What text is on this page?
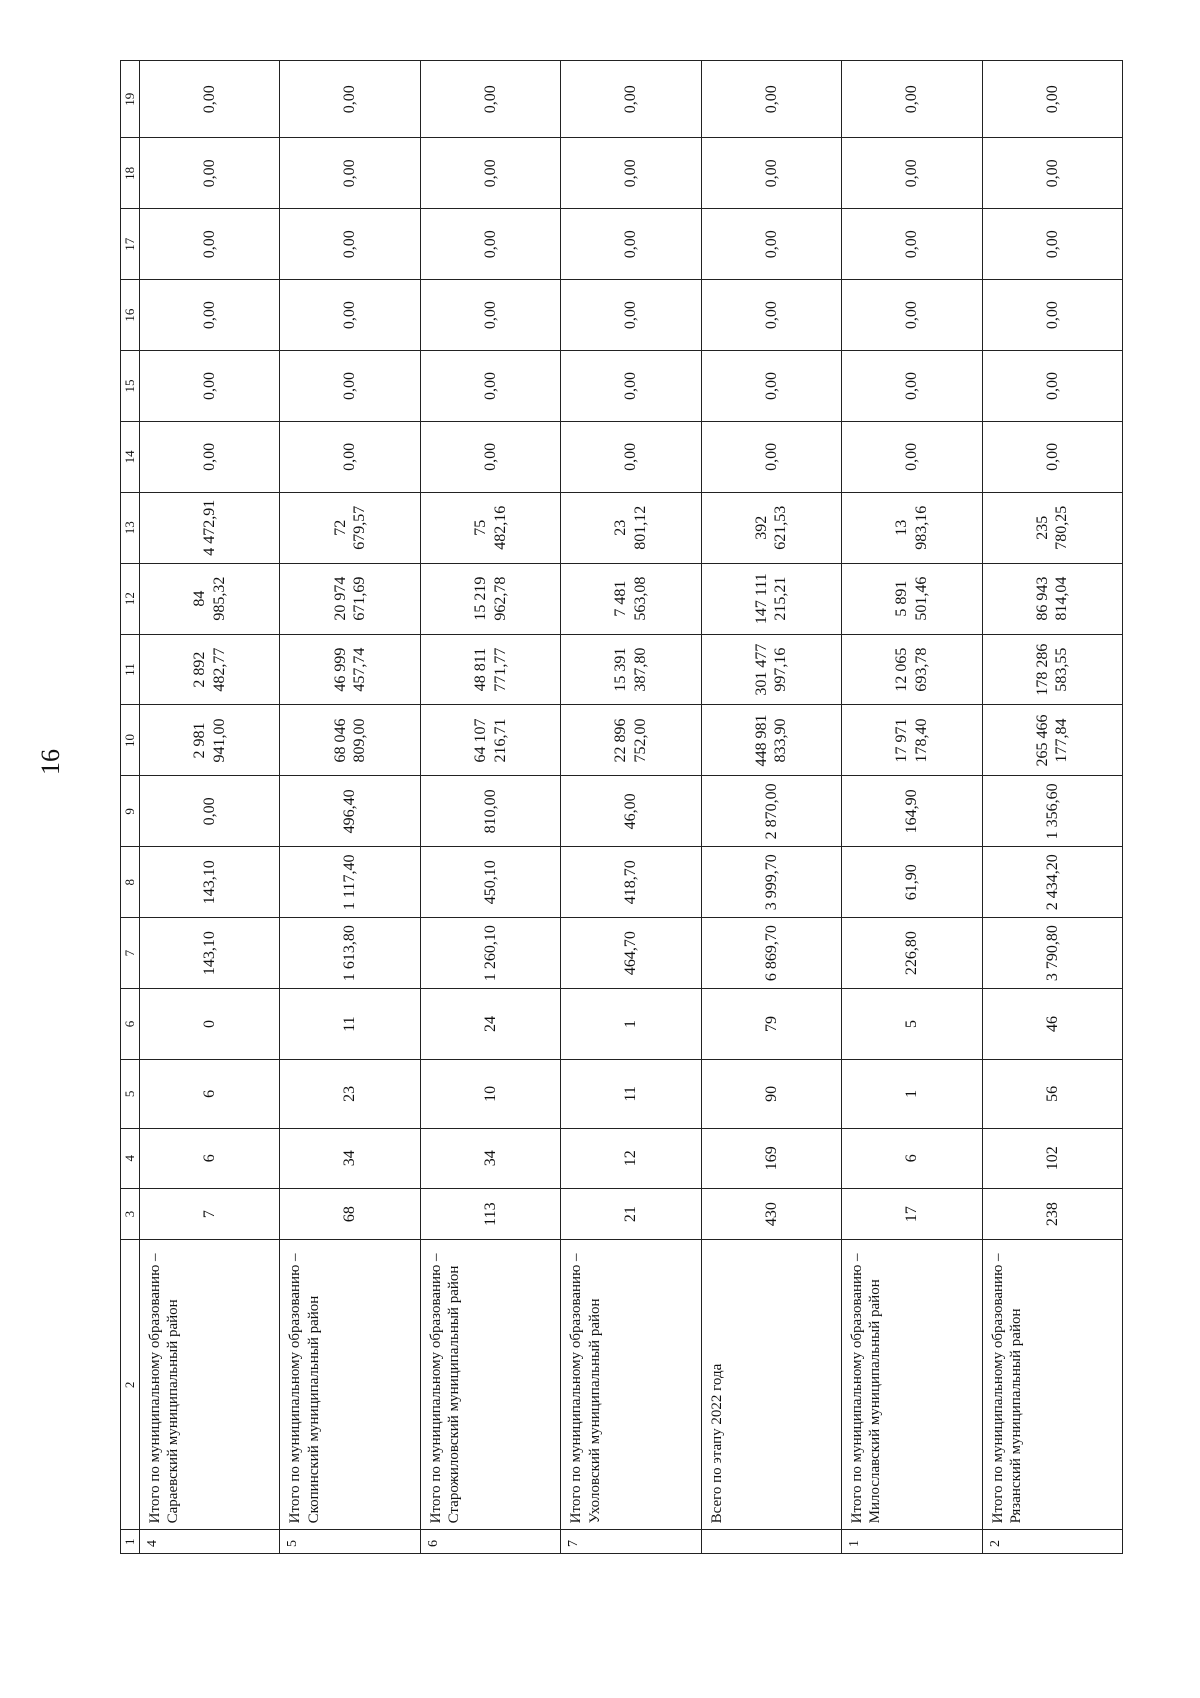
16
1	2	3	4	5	6	7	8	9	10	11	12	13	14	15	16	17	18	19
4	Итого по муниципальному образованию – Сараевский муниципальный район	7	6	6	0	143,10	143,10	0,00	2 981 941,00	2 892 482,77	84 985,32	4 472,91	0,00	0,00	0,00	0,00	0,00	0,00
5	Итого по муниципальному образованию – Скопинский муниципальный район	68	34	23	11	1 613,80	1 117,40	496,40	68 046 809,00	46 999 457,74	20 974 671,69	72 679,57	0,00	0,00	0,00	0,00	0,00	0,00
6	Итого по муниципальному образованию – Старожиловский муниципальный район	113	34	10	24	1 260,10	450,10	810,00	64 107 216,71	48 811 771,77	15 219 962,78	75 482,16	0,00	0,00	0,00	0,00	0,00	0,00
7	Итого по муниципальному образованию – Ухоловский муниципальный район	21	12	11	1	464,70	418,70	46,00	22 896 752,00	15 391 387,80	7 481 563,08	23 801,12	0,00	0,00	0,00	0,00	0,00	0,00
	Всего по этапу 2022 года	430	169	90	79	6 869,70	3 999,70	2 870,00	448 981 833,90	301 477 997,16	147 111 215,21	392 621,53	0,00	0,00	0,00	0,00	0,00	0,00
1	Итого по муниципальному образованию – Милославский муниципальный район	17	6	1	5	226,80	61,90	164,90	17 971 178,40	12 065 693,78	5 891 501,46	13 983,16	0,00	0,00	0,00	0,00	0,00	0,00
2	Итого по муниципальному образованию – Рязанский муниципальный район	238	102	56	46	3 790,80	2 434,20	1 356,60	265 466 177,84	178 286 583,55	86 943 814,04	235 780,25	0,00	0,00	0,00	0,00	0,00	0,00
